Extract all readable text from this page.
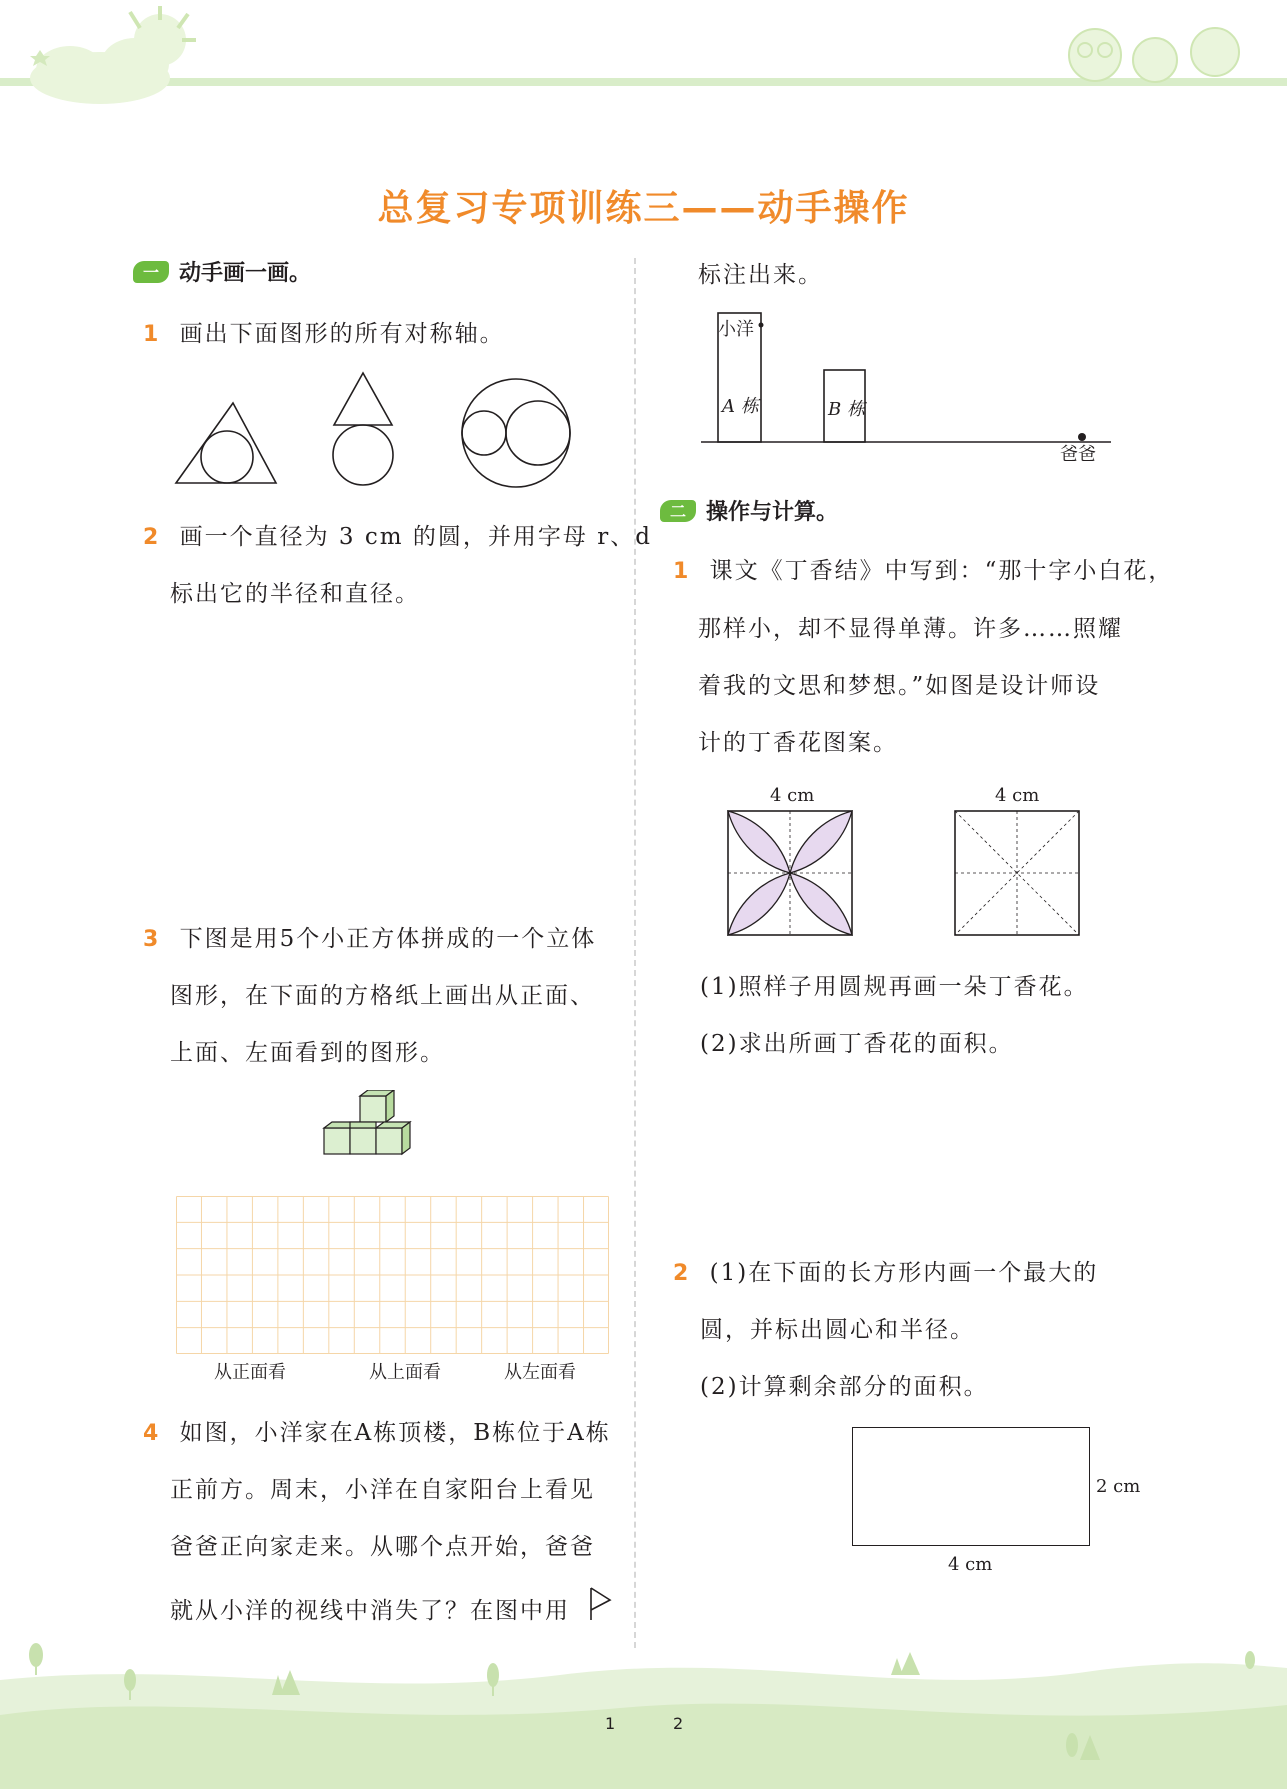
总复习专项训练三——动手操作
一 动手画一画。
1 画出下面图形的所有对称轴。
2 画一个直径为 3 cm 的圆，并用字母 r、d
标出它的半径和直径。
3 下图是用5个小正方体拼成的一个立体
图形，在下面的方格纸上画出从正面、
上面、左面看到的图形。
从正面看	从上面看	从左面看
4 如图，小洋家在A栋顶楼，B栋位于A栋
正前方。周末，小洋在自家阳台上看见
爸爸正向家走来。从哪个点开始，爸爸
就从小洋的视线中消失了？在图中用
标注出来。
小洋
A 栋	B 栋
爸爸
二 操作与计算。
1 课文《丁香结》中写到：“那十字小白花，
那样小，却不显得单薄。许多……照耀
着我的文思和梦想。”如图是设计师设
计的丁香花图案。
4 cm	4 cm
(1)照样子用圆规再画一朵丁香花。
(2)求出所画丁香花的面积。
2 (1)在下面的长方形内画一个最大的
圆，并标出圆心和半径。
(2)计算剩余部分的面积。
2 cm
4 cm
1	2
